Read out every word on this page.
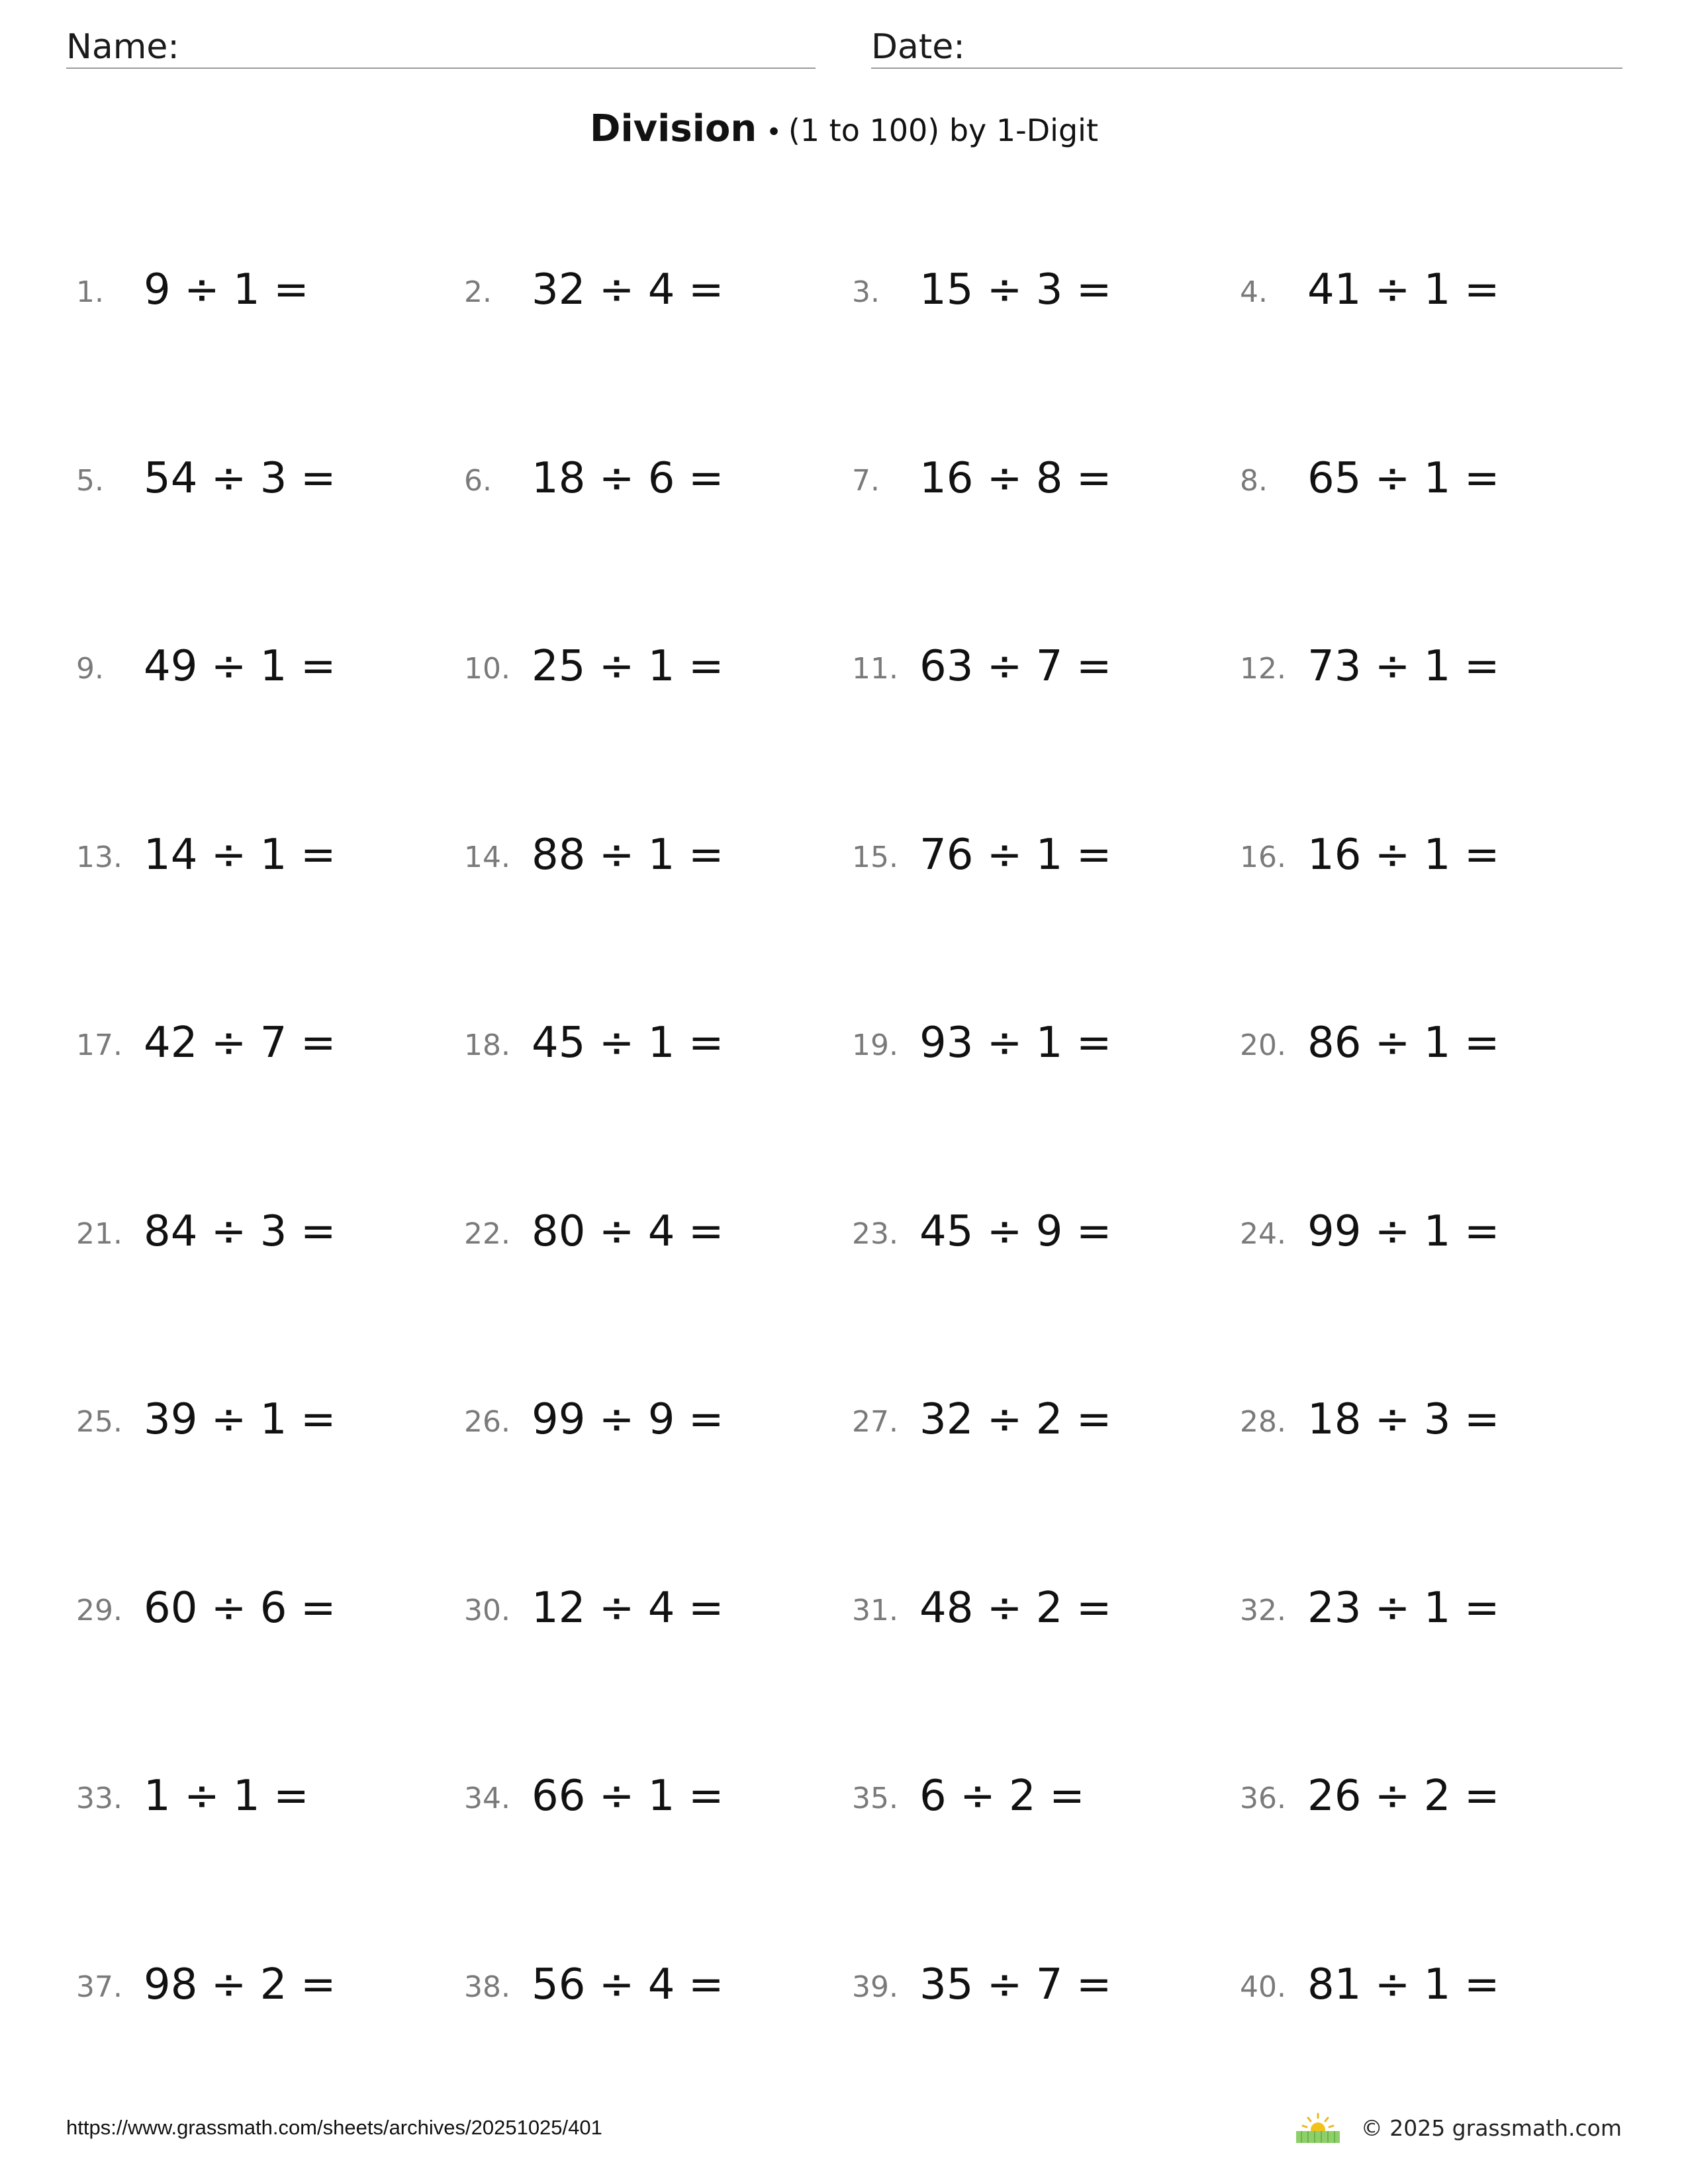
Name:	Date:
Division • (1 to 100) by 1-Digit
1. 9 ÷ 1 =	2. 32 ÷ 4 =	3. 15 ÷ 3 =	4. 41 ÷ 1 =
5. 54 ÷ 3 =	6. 18 ÷ 6 =	7. 16 ÷ 8 =	8. 65 ÷ 1 =
9. 49 ÷ 1 =	10. 25 ÷ 1 =	11. 63 ÷ 7 =	12. 73 ÷ 1 =
13. 14 ÷ 1 =	14. 88 ÷ 1 =	15. 76 ÷ 1 =	16. 16 ÷ 1 =
17. 42 ÷ 7 =	18. 45 ÷ 1 =	19. 93 ÷ 1 =	20. 86 ÷ 1 =
21. 84 ÷ 3 =	22. 80 ÷ 4 =	23. 45 ÷ 9 =	24. 99 ÷ 1 =
25. 39 ÷ 1 =	26. 99 ÷ 9 =	27. 32 ÷ 2 =	28. 18 ÷ 3 =
29. 60 ÷ 6 =	30. 12 ÷ 4 =	31. 48 ÷ 2 =	32. 23 ÷ 1 =
33. 1 ÷ 1 =	34. 66 ÷ 1 =	35. 6 ÷ 2 =	36. 26 ÷ 2 =
37. 98 ÷ 2 =	38. 56 ÷ 4 =	39. 35 ÷ 7 =	40. 81 ÷ 1 =
https://www.grassmath.com/sheets/archives/20251025/401	© 2025 grassmath.com
